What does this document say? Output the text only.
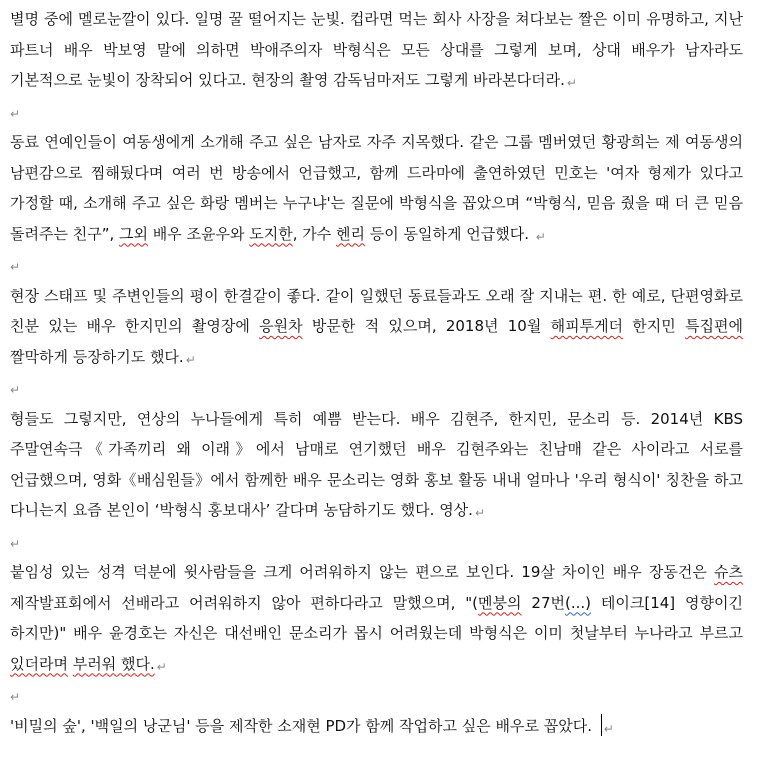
별명 중에 멜로눈깔이 있다. 일명 꿀 떨어지는 눈빛. 컵라면 먹는 회사 사장을 쳐다보는 짤은 이미 유명하고, 지난 파트너 배우 박보영 말에 의하면 박애주의자 박형식은 모든 상대를 그렇게 보며, 상대 배우가 남자라도 기본적으로 눈빛이 장착되어 있다고. 현장의 촬영 감독님마저도 그렇게 바라본다더라. ↵

↵

동료 연예인들이 여동생에게 소개해 주고 싶은 남자로 자주 지목했다. 같은 그룹 멤버였던 황광희는 제 여동생의 남편감으로 찜해뒀다며 여러 번 방송에서 언급했고, 함께 드라마에 출연하였던 민호는 '여자 형제가 있다고 가정할 때, 소개해 주고 싶은 화랑 멤버는 누구냐'는 질문에 박형식을 꼽았으며 “박형식, 믿음 줬을 때 더 큰 믿음 돌려주는 친구”, 그외 배우 조윤우와 도지한, 가수 헨리 등이 동일하게 언급했다. ↵

↵

현장 스태프 및 주변인들의 평이 한결같이 좋다. 같이 일했던 동료들과도 오래 잘 지내는 편. 한 예로, 단편영화로 친분 있는 배우 한지민의 촬영장에 응원차 방문한 적 있으며, 2018년 10월 해피투게더 한지민 특집편에 짤막하게 등장하기도 했다. ↵

↵

형들도 그렇지만, 연상의 누나들에게 특히 예쁨 받는다. 배우 김현주, 한지민, 문소리 등. 2014년 KBS 주말연속극《가족끼리 왜 이래》에서 남매로 연기했던 배우 김현주와는 친남매 같은 사이라고 서로를 언급했으며, 영화《배심원들》에서 함께한 배우 문소리는 영화 홍보 활동 내내 얼마나 '우리 형식이' 칭찬을 하고 다니는지 요즘 본인이 ‘박형식 홍보대사’ 갈다며 농담하기도 했다. 영상. ↵

↵

붙임성 있는 성격 덕분에 윗사람들을 크게 어려워하지 않는 편으로 보인다. 19살 차이인 배우 장동건은 슈츠 제작발표회에서 선배라고 어려워하지 않아 편하다라고 말했으며, "(멘붕의 27번(...) 테이크[14] 영향이긴 하지만)" 배우 윤경호는 자신은 대선배인 문소리가 몹시 어려웠는데 박형식은 이미 첫날부터 누나라고 부르고 있더라며 부러워 했다. ↵

↵

'비밀의 숲', '백일의 낭군님' 등을 제작한 소재현 PD가 함께 작업하고 싶은 배우로 꼽았다. ↵
